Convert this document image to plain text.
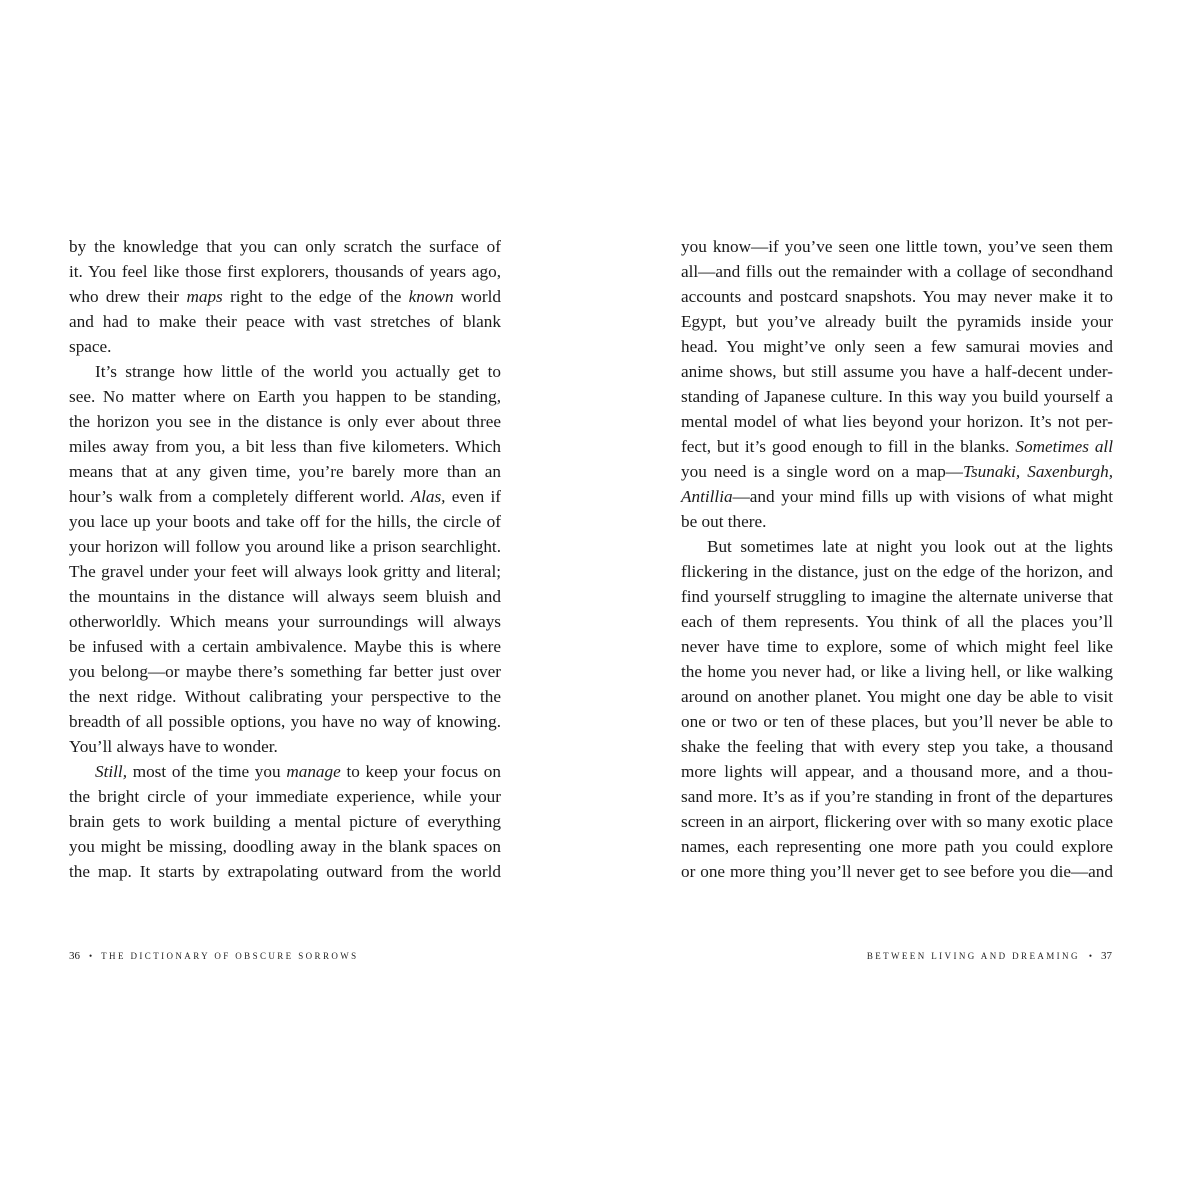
by the knowledge that you can only scratch the surface of
it. You feel like those first explorers, thousands of years ago,
who drew their maps right to the edge of the known world
and had to make their peace with vast stretches of blank
space.
It’s strange how little of the world you actually get to
see. No matter where on Earth you happen to be standing,
the horizon you see in the distance is only ever about three
miles away from you, a bit less than five kilometers. Which
means that at any given time, you’re barely more than an
hour’s walk from a completely different world. Alas, even if
you lace up your boots and take off for the hills, the circle of
your horizon will follow you around like a prison searchlight.
The gravel under your feet will always look gritty and literal;
the mountains in the distance will always seem bluish and
otherworldly. Which means your surroundings will always
be infused with a certain ambivalence. Maybe this is where
you belong—or maybe there’s something far better just over
the next ridge. Without calibrating your perspective to the
breadth of all possible options, you have no way of knowing.
You’ll always have to wonder.
Still, most of the time you manage to keep your focus on
the bright circle of your immediate experience, while your
brain gets to work building a mental picture of everything
you might be missing, doodling away in the blank spaces on
the map. It starts by extrapolating outward from the world
you know—if you’ve seen one little town, you’ve seen them
all—and fills out the remainder with a collage of secondhand
accounts and postcard snapshots. You may never make it to
Egypt, but you’ve already built the pyramids inside your
head. You might’ve only seen a few samurai movies and
anime shows, but still assume you have a half-decent under-
standing of Japanese culture. In this way you build yourself a
mental model of what lies beyond your horizon. It’s not per-
fect, but it’s good enough to fill in the blanks. Sometimes all
you need is a single word on a map—Tsunaki, Saxenburgh,
Antillia—and your mind fills up with visions of what might
be out there.
But sometimes late at night you look out at the lights
flickering in the distance, just on the edge of the horizon, and
find yourself struggling to imagine the alternate universe that
each of them represents. You think of all the places you’ll
never have time to explore, some of which might feel like
the home you never had, or like a living hell, or like walking
around on another planet. You might one day be able to visit
one or two or ten of these places, but you’ll never be able to
shake the feeling that with every step you take, a thousand
more lights will appear, and a thousand more, and a thou-
sand more. It’s as if you’re standing in front of the departures
screen in an airport, flickering over with so many exotic place
names, each representing one more path you could explore
or one more thing you’ll never get to see before you die—and
36 • THE DICTIONARY OF OBSCURE SORROWS	BETWEEN LIVING AND DREAMING • 37
